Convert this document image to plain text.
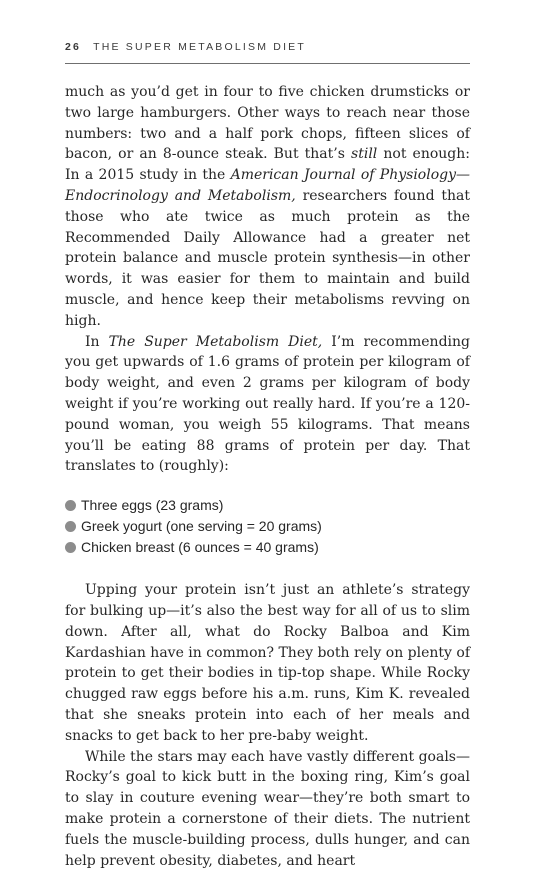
26 THE SUPER METABOLISM DIET

much as you’d get in four to five chicken drumsticks or two large hamburgers. Other ways to reach near those numbers: two and a half pork chops, fifteen slices of bacon, or an 8-ounce steak. But that’s still not enough: In a 2015 study in the American Journal of Physiology—Endocrinology and Metabolism, researchers found that those who ate twice as much protein as the Recommended Daily Allowance had a greater net protein balance and muscle protein synthesis—in other words, it was easier for them to maintain and build muscle, and hence keep their metabolisms revving on high.

In The Super Metabolism Diet, I’m recommending you get upwards of 1.6 grams of protein per kilogram of body weight, and even 2 grams per kilogram of body weight if you’re working out really hard. If you’re a 120-pound woman, you weigh 55 kilograms. That means you’ll be eating 88 grams of protein per day. That translates to (roughly):

Three eggs (23 grams)
Greek yogurt (one serving = 20 grams)
Chicken breast (6 ounces = 40 grams)

Upping your protein isn’t just an athlete’s strategy for bulking up—it’s also the best way for all of us to slim down. After all, what do Rocky Balboa and Kim Kardashian have in common? They both rely on plenty of protein to get their bodies in tip-top shape. While Rocky chugged raw eggs before his a.m. runs, Kim K. revealed that she sneaks protein into each of her meals and snacks to get back to her pre-baby weight.

While the stars may each have vastly different goals—Rocky’s goal to kick butt in the boxing ring, Kim’s goal to slay in couture evening wear—they’re both smart to make protein a cornerstone of their diets. The nutrient fuels the muscle-building process, dulls hunger, and can help prevent obesity, diabetes, and heart
